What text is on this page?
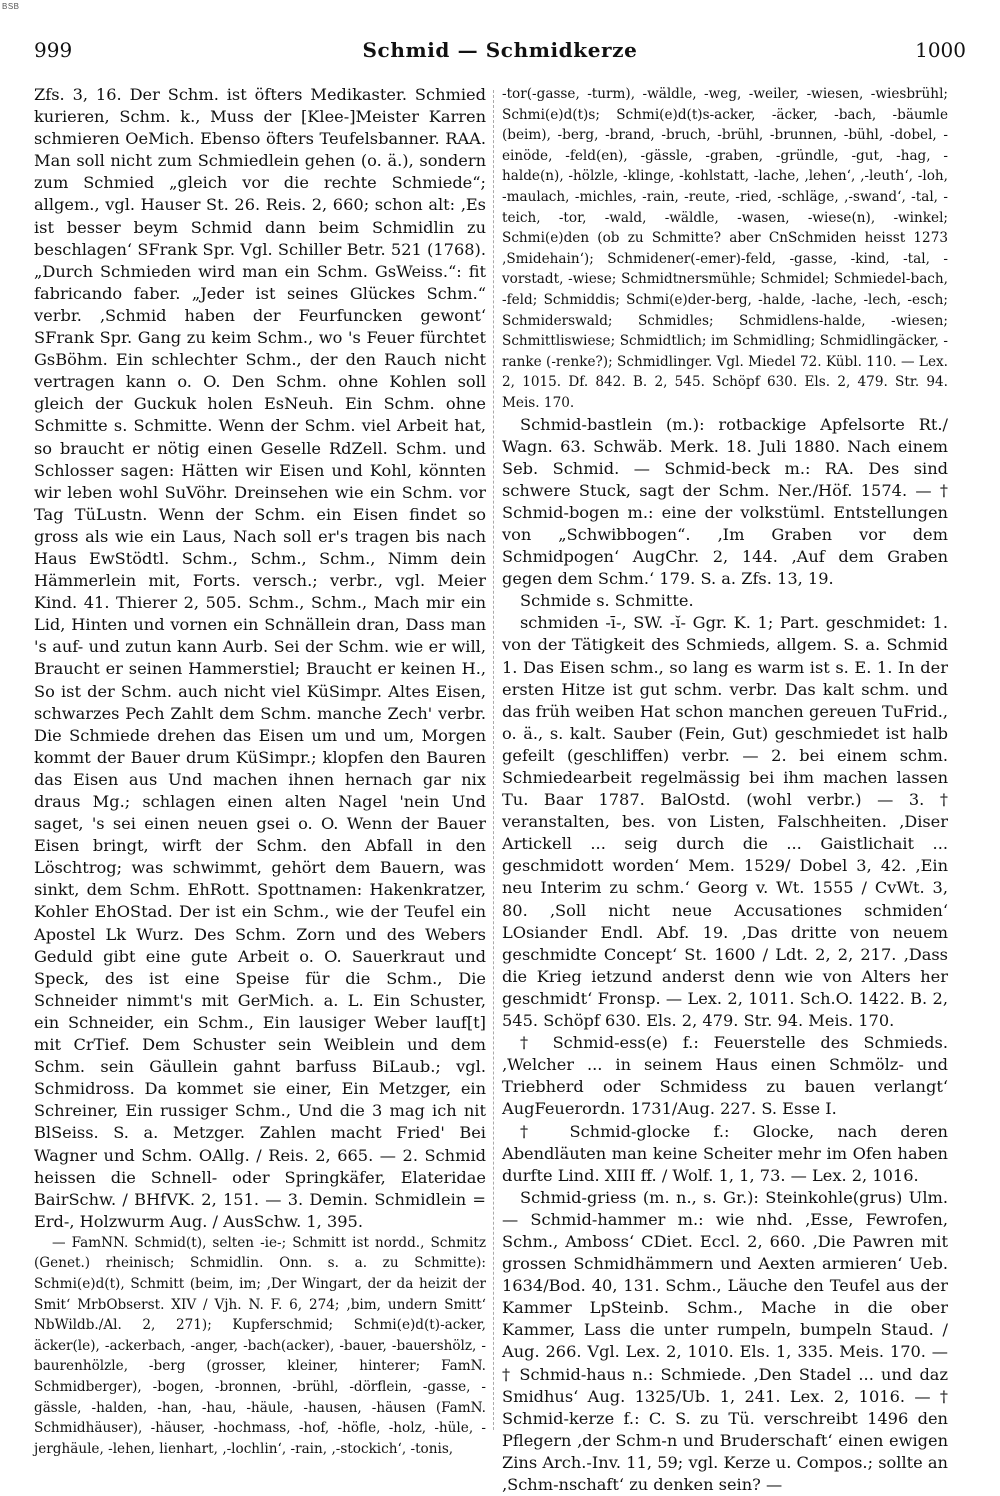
BSB
999	Schmid — Schmidkerze	1000

Zfs. 3, 16. Der Schm. ist öfters Medikaster. Schmied kurieren, Schm. k., Muss der [Klee-]Meister Karren schmieren OeMich. Ebenso öfters Teufelsbanner. RAA. Man soll nicht zum Schmiedlein gehen (o. ä.), sondern zum Schmied „gleich vor die rechte Schmiede“; allgem., vgl. Hauser St. 26. Reis. 2, 660; schon alt: ‚Es ist besser beym Schmid dann beim Schmidlin zu beschlagen‘ SFrank Spr. Vgl. Schiller Betr. 521 (1768). „Durch Schmieden wird man ein Schm. GsWeiss.“: fit fabricando faber. „Jeder ist seines Glückes Schm.“ verbr. ‚Schmid haben der Feurfuncken gewont‘ SFrank Spr. Gang zu keim Schm., wo 's Feuer fürchtet GsBöhm. Ein schlechter Schm., der den Rauch nicht vertragen kann o. O. Den Schm. ohne Kohlen soll gleich der Guckuk holen EsNeuh. Ein Schm. ohne Schmitte s. Schmitte. Wenn der Schm. viel Arbeit hat, so braucht er nötig einen Geselle RdZell. Schm. und Schlosser sagen: Hätten wir Eisen und Kohl, könnten wir leben wohl SuVöhr. Dreinsehen wie ein Schm. vor Tag TüLustn. Wenn der Schm. ein Eisen findet so gross als wie ein Laus, Nach soll er's tragen bis nach Haus EwStödtl. Schm., Schm., Schm., Nimm dein Hämmerlein mit, Forts. versch.; verbr., vgl. Meier Kind. 41. Thierer 2, 505. Schm., Schm., Mach mir ein Lid, Hinten und vornen ein Schnällein dran, Dass man 's auf- und zutun kann Aurb. Sei der Schm. wie er will, Braucht er seinen Hammerstiel; Braucht er keinen H., So ist der Schm. auch nicht viel KüSimpr. Altes Eisen, schwarzes Pech Zahlt dem Schm. manche Zech' verbr. Die Schmiede drehen das Eisen um und um, Morgen kommt der Bauer drum KüSimpr.; klopfen den Bauren das Eisen aus Und machen ihnen hernach gar nix draus Mg.; schlagen einen alten Nagel 'nein Und saget, 's sei einen neuen gsei o. O. Wenn der Bauer Eisen bringt, wirft der Schm. den Abfall in den Löschtrog; was schwimmt, gehört dem Bauern, was sinkt, dem Schm. EhRott. Spottnamen: Hakenkratzer, Kohler EhOStad. Der ist ein Schm., wie der Teufel ein Apostel Lk Wurz. Des Schm. Zorn und des Webers Geduld gibt eine gute Arbeit o. O. Sauerkraut und Speck, des ist eine Speise für die Schm., Die Schneider nimmt's mit GerMich. a. L. Ein Schuster, ein Schneider, ein Schm., Ein lausiger Weber lauf[t] mit CrTief. Dem Schuster sein Weiblein und dem Schm. sein Gäullein gahnt barfuss BiLaub.; vgl. Schmidross. Da kommet sie einer, Ein Metzger, ein Schreiner, Ein russiger Schm., Und die 3 mag ich nit BlSeiss. S. a. Metzger. Zahlen macht Fried' Bei Wagner und Schm. OAllg. / Reis. 2, 665. — 2. Schmid heissen die Schnell- oder Springkäfer, Elateridae BairSchw. / BHfVK. 2, 151. — 3. Demin. Schmidlein = Erd-, Holzwurm Aug. / AusSchw. 1, 395.

— FamNN. Schmid(t), selten -ie-; Schmitt ist nordd., Schmitz (Genet.) rheinisch; Schmidlin. Onn. s. a. zu Schmitte): Schmi(e)d(t), Schmitt (beim, im; ‚Der Wingart, der da heizit der Smit‘ MrbObserst. XIV / Vjh. N. F. 6, 274; ‚bim, undern Smitt‘ NbWildb./Al. 2, 271); Kupferschmid; Schmi(e)d(t)-acker, äcker(le), -ackerbach, -anger, -bach(acker), -bauer, -bauershölz, -baurenhölzle, -berg (grosser, kleiner, hinterer; FamN. Schmidberger), -bogen, -bronnen, -brühl, -dörflein, -gasse, -gässle, -halden, -han, -hau, -häule, -hausen, -häusen (FamN. Schmidhäuser), -häuser, -hochmass, -hof, -höfle, -holz, -hüle, -jerghäule, -lehen, lienhart, ‚-lochlin‘, -rain, ‚-stockich‘, -tonis,

-tor(-gasse, -turm), -wäldle, -weg, -weiler, -wiesen, -wiesbrühl; Schmi(e)d(t)s; Schmi(e)d(t)s-acker, -äcker, -bach, -bäumle (beim), -berg, -brand, -bruch, -brühl, -brunnen, -bühl, -dobel, -einöde, -feld(en), -gässle, -graben, -gründle, -gut, -hag, -halde(n), -hölzle, -klinge, -kohlstatt, -lache, ‚lehen‘, ‚-leuth‘, -loh, -maulach, -michles, -rain, -reute, -ried, -schläge, ‚-swand‘, -tal, -teich, -tor, -wald, -wäldle, -wasen, -wiese(n), -winkel; Schmi(e)den (ob zu Schmitte? aber CnSchmiden heisst 1273 ‚Smidehain‘); Schmidener(-emer)-feld, -gasse, -kind, -tal, -vorstadt, -wiese; Schmidtnersmühle; Schmidel; Schmiedel-bach, -feld; Schmiddis; Schmi(e)der-berg, -halde, -lache, -lech, -esch; Schmiderswald; Schmidles; Schmidlens-halde, -wiesen; Schmittliswiese; Schmidtlich; im Schmidling; Schmidlingäcker, -ranke (-renke?); Schmidlinger. Vgl. Miedel 72. Kübl. 110. — Lex. 2, 1015. Df. 842. B. 2, 545. Schöpf 630. Els. 2, 479. Str. 94. Meis. 170.

Schmid-bastlein (m.): rotbackige Apfelsorte Rt./ Wagn. 63. Schwäb. Merk. 18. Juli 1880. Nach einem Seb. Schmid. — Schmid-beck m.: RA. Des sind schwere Stuck, sagt der Schm. Ner./Höf. 1574. — † Schmid-bogen m.: eine der volkstüml. Entstellungen von „Schwibbogen“. ‚Im Graben vor dem Schmidpogen‘ AugChr. 2, 144. ‚Auf dem Graben gegen dem Schm.‘ 179. S. a. Zfs. 13, 19.

Schmide s. Schmitte.

schmiden -ī-, SW. -ĭ- Ggr. K. 1; Part. geschmidet: 1. von der Tätigkeit des Schmieds, allgem. S. a. Schmid 1. Das Eisen schm., so lang es warm ist s. E. 1. In der ersten Hitze ist gut schm. verbr. Das kalt schm. und das früh weiben Hat schon manchen gereuen TuFrid., o. ä., s. kalt. Sauber (Fein, Gut) geschmiedet ist halb gefeilt (geschliffen) verbr. — 2. bei einem schm. Schmiedearbeit regelmässig bei ihm machen lassen Tu. Baar 1787. BalOstd. (wohl verbr.) — 3. † veranstalten, bes. von Listen, Falschheiten. ‚Diser Artickell ... seig durch die ... Gaistlichait ... geschmidott worden‘ Mem. 1529/ Dobel 3, 42. ‚Ein neu Interim zu schm.‘ Georg v. Wt. 1555 / CvWt. 3, 80. ‚Soll nicht neue Accusationes schmiden‘ LOsiander Endl. Abf. 19. ‚Das dritte von neuem geschmidte Concept‘ St. 1600 / Ldt. 2, 2, 217. ‚Dass die Krieg ietzund anderst denn wie von Alters her geschmidt‘ Fronsp. — Lex. 2, 1011. Sch.O. 1422. B. 2, 545. Schöpf 630. Els. 2, 479. Str. 94. Meis. 170.

† Schmid-ess(e) f.: Feuerstelle des Schmieds. ‚Welcher ... in seinem Haus einen Schmölz- und Triebherd oder Schmidess zu bauen verlangt‘ AugFeuerordn. 1731/Aug. 227. S. Esse I.

† Schmid-glocke f.: Glocke, nach deren Abendläuten man keine Scheiter mehr im Ofen haben durfte Lind. XIII ff. / Wolf. 1, 1, 73. — Lex. 2, 1016.

Schmid-griess (m. n., s. Gr.): Steinkohle(grus) Ulm. — Schmid-hammer m.: wie nhd. ‚Esse, Fewrofen, Schm., Amboss‘ CDiet. Eccl. 2, 660. ‚Die Pawren mit grossen Schmidhämmern und Aexten armieren‘ Ueb. 1634/Bod. 40, 131. Schm., Läuche den Teufel aus der Kammer LpSteinb. Schm., Mache in die ober Kammer, Lass die unter rumpeln, bumpeln Staud. / Aug. 266. Vgl. Lex. 2, 1010. Els. 1, 335. Meis. 170. — † Schmid-haus n.: Schmiede. ‚Den Stadel ... und daz Smidhus‘ Aug. 1325/Ub. 1, 241. Lex. 2, 1016. — † Schmid-kerze f.: C. S. zu Tü. verschreibt 1496 den Pflegern ‚der Schm-n und Bruderschaft‘ einen ewigen Zins Arch.-Inv. 11, 59; vgl. Kerze u. Compos.; sollte an ‚Schm-nschaft‘ zu denken sein? —
